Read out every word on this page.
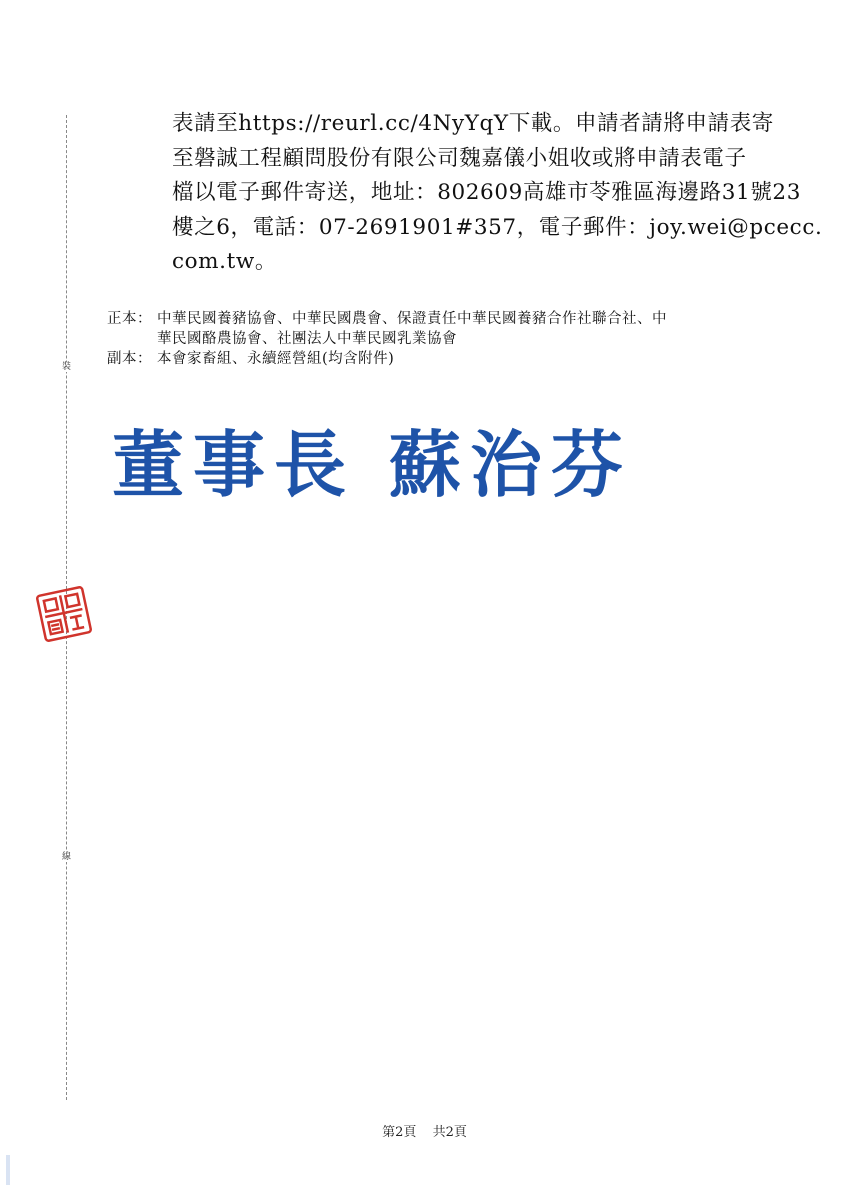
裝
線

表請至https://reurl.cc/4NyYqY下載。申請者請將申請表寄

至磐誠工程顧問股份有限公司魏嘉儀小姐收或將申請表電子

檔以電子郵件寄送，地址：802609高雄市苓雅區海邊路31號23

樓之6，電話：07-2691901#357，電子郵件：joy.wei@pcecc.

com.tw。

正本： 中華民國養豬協會、中華民國農會、保證責任中華民國養豬合作社聯合社、中
華民國酪農協會、社團法人中華民國乳業協會
副本： 本會家畜組、永續經營組(均含附件)
董事長 蘇治芬
第2頁 共2頁
